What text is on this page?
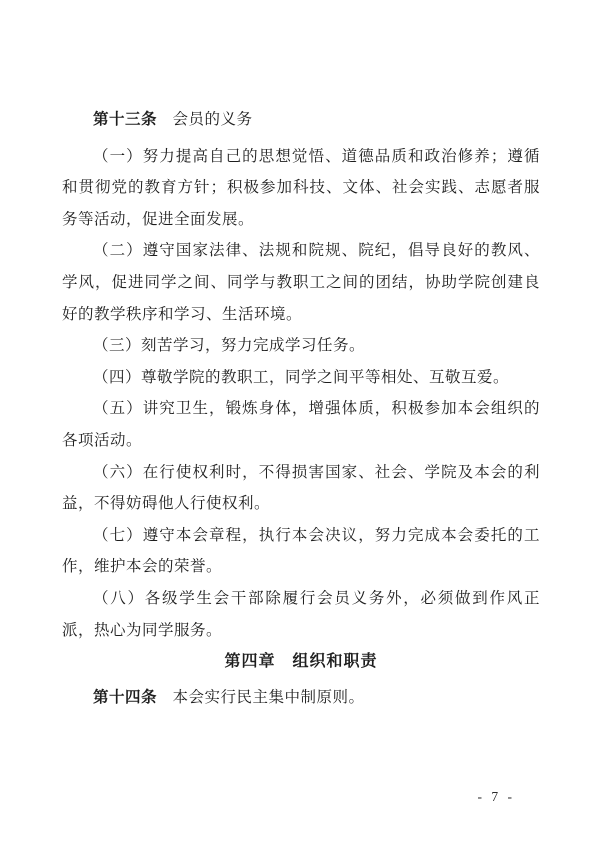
第十三条 会员的义务

（一）努力提高自己的思想觉悟、道德品质和政治修养；遵循和贯彻党的教育方针；积极参加科技、文体、社会实践、志愿者服务等活动，促进全面发展。

（二）遵守国家法律、法规和院规、院纪，倡导良好的教风、学风，促进同学之间、同学与教职工之间的团结，协助学院创建良好的教学秩序和学习、生活环境。

（三）刻苦学习，努力完成学习任务。

（四）尊敬学院的教职工，同学之间平等相处、互敬互爱。

（五）讲究卫生，锻炼身体，增强体质，积极参加本会组织的各项活动。

（六）在行使权利时，不得损害国家、社会、学院及本会的利益，不得妨碍他人行使权利。

（七）遵守本会章程，执行本会决议，努力完成本会委托的工作，维护本会的荣誉。

（八）各级学生会干部除履行会员义务外，必须做到作风正派，热心为同学服务。

第四章　组织和职责

第十四条 本会实行民主集中制原则。

- 7 -
